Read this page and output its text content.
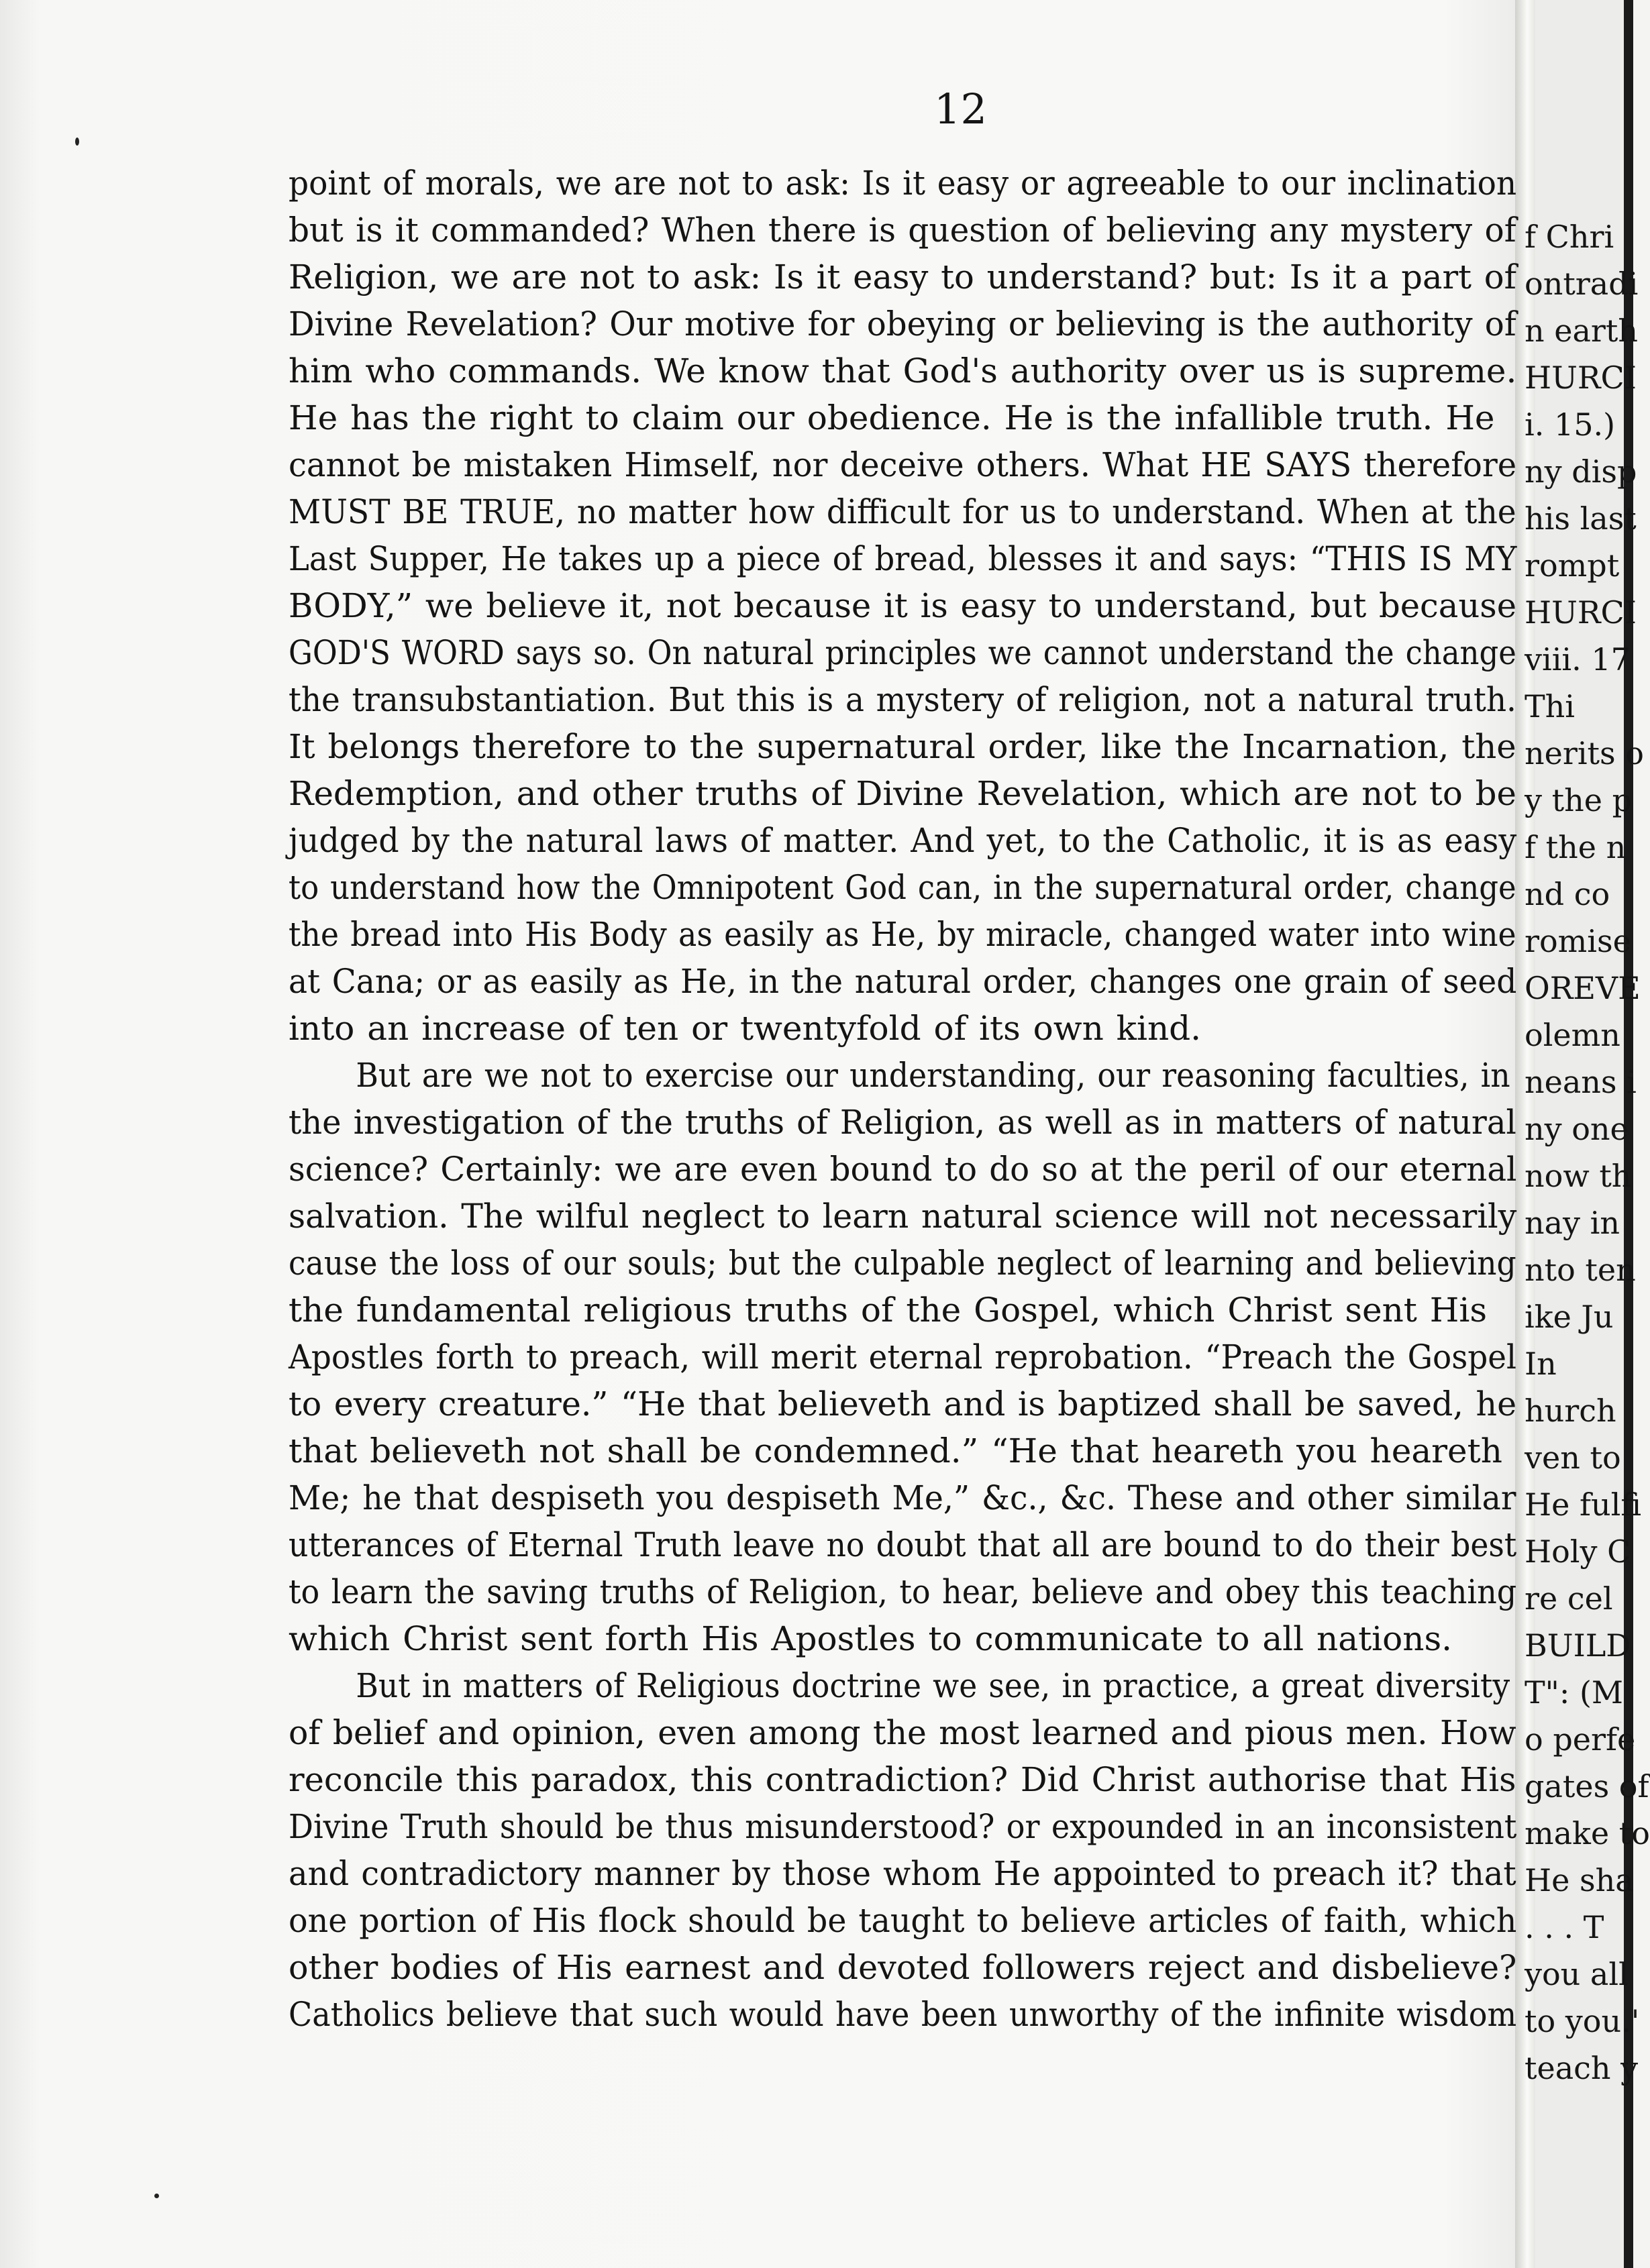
12

point of morals, we are not to ask: Is it easy or agreeable to our inclination
but is it commanded? When there is question of believing any mystery of
Religion, we are not to ask: Is it easy to understand? but: Is it a part of
Divine Revelation? Our motive for obeying or believing is the authority of
him who commands. We know that God's authority over us is supreme.
He has the right to claim our obedience. He is the infallible truth. He
cannot be mistaken Himself, nor deceive others. What HE SAYS therefore
MUST BE TRUE, no matter how difficult for us to understand. When at the
Last Supper, He takes up a piece of bread, blesses it and says: “THIS IS MY
BODY,” we believe it, not because it is easy to understand, but because
GOD'S WORD says so. On natural principles we cannot understand the change
the transubstantiation. But this is a mystery of religion, not a natural truth.
It belongs therefore to the supernatural order, like the Incarnation, the
Redemption, and other truths of Divine Revelation, which are not to be
judged by the natural laws of matter. And yet, to the Catholic, it is as easy
to understand how the Omnipotent God can, in the supernatural order, change
the bread into His Body as easily as He, by miracle, changed water into wine
at Cana; or as easily as He, in the natural order, changes one grain of seed
into an increase of ten or twentyfold of its own kind.

But are we not to exercise our understanding, our reasoning faculties, in
the investigation of the truths of Religion, as well as in matters of natural
science? Certainly: we are even bound to do so at the peril of our eternal
salvation. The wilful neglect to learn natural science will not necessarily
cause the loss of our souls; but the culpable neglect of learning and believing
the fundamental religious truths of the Gospel, which Christ sent His
Apostles forth to preach, will merit eternal reprobation. “Preach the Gospel
to every creature.” “He that believeth and is baptized shall be saved, he
that believeth not shall be condemned.” “He that heareth you heareth
Me; he that despiseth you despiseth Me,” &c., &c. These and other similar
utterances of Eternal Truth leave no doubt that all are bound to do their best
to learn the saving truths of Religion, to hear, believe and obey this teaching
which Christ sent forth His Apostles to communicate to all nations.

But in matters of Religious doctrine we see, in practice, a great diversity
of belief and opinion, even among the most learned and pious men. How
reconcile this paradox, this contradiction? Did Christ authorise that His
Divine Truth should be thus misunderstood? or expounded in an inconsistent
and contradictory manner by those whom He appointed to preach it? that
one portion of His flock should be taught to believe articles of faith, which
other bodies of His earnest and devoted followers reject and disbelieve?
Catholics believe that such would have been unworthy of the infinite wisdom

f Chri
ontradi
n earth
HURCI
i. 15.)
ny disp
his last
rompt
HURCI
viii. 17
Thi
nerits o
y the p
f the n
nd co
romise
OREVE
olemn
neans i
ny one
now th
nay in
nto ten
ike Ju
In
hurch
ven to
He fulfi
Holy C
re cel
BUILD
T": (M
o perfe
gates of
make to
He sha
. . . T
you all
to you.'
teach y
